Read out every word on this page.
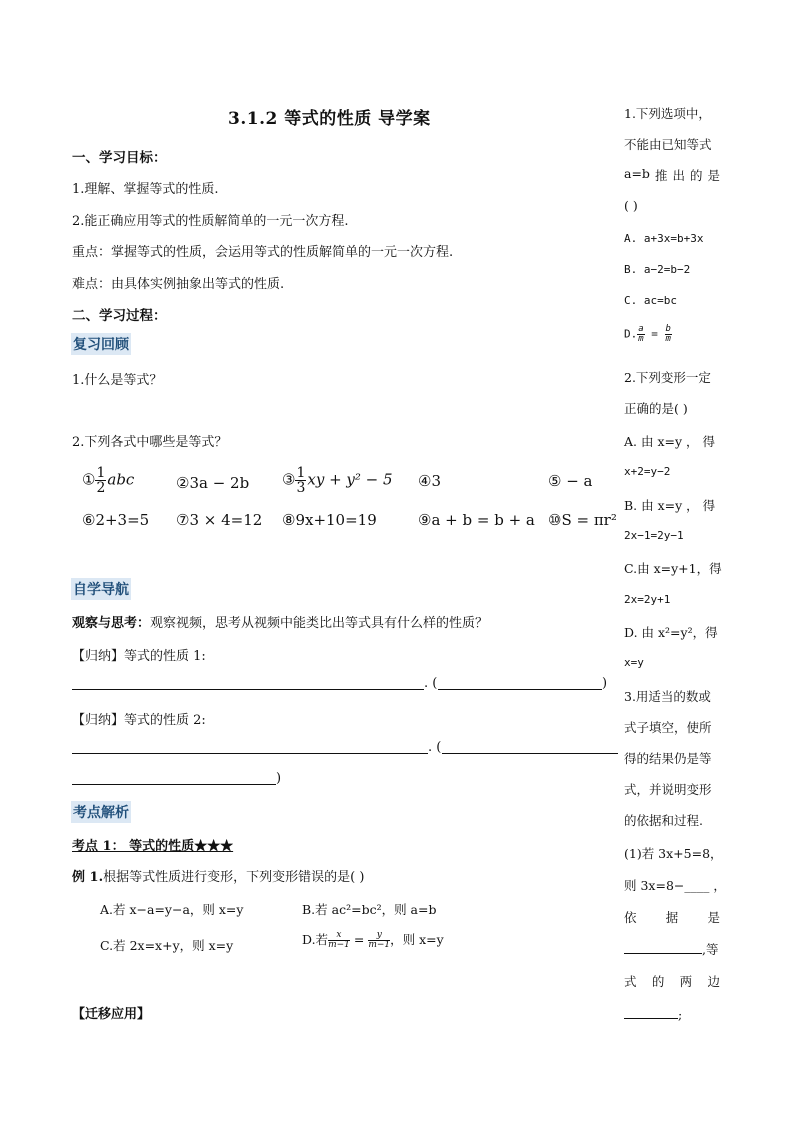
3.1.2 等式的性质 导学案
一、学习目标：
1.理解、掌握等式的性质.
2.能正确应用等式的性质解简单的一元一次方程.
重点：掌握等式的性质，会运用等式的性质解简单的一元一次方程.
难点：由具体实例抽象出等式的性质.
二、学习过程：
复习回顾
1.什么是等式？
2.下列各式中哪些是等式？
① $\frac{1}{2}$ abc	②3a − 2b ③ $\frac{1}{3}$ xy + y² − 5 ④3	⑤ − a
⑥2+3=5 ⑦3 × 4=12 ⑧9x+10=19	⑨a + b = b + a ⑩S = πr²
自学导航
观察与思考：观察视频，思考从视频中能类比出等式具有什么样的性质？
【归纳】等式的性质 1:
. (	)
【归纳】等式的性质 2:
. (
)
考点解析
考点 1： 等式的性质★★★
例 1.根据等式性质进行变形，下列变形错误的是( )
A.若 x−a=y−a，则 x=y	B.若 ac²=bc²，则 a=b
C.若 2x=x+y，则 x=y	D.若 $\frac{x}{m-1} = \frac{y}{m-1}$ ，则 x=y
【迁移应用】
1.下列选项中，
不能由已知等式
a=b 推 出 的 是
( )
A. a+3x=b+3x
B. a−2=b−2
C. ac=bc
D. $\frac{a}{m} = \frac{b}{m}$
2.下列变形一定
正确的是( )
A. 由 x=y ， 得
x+2=y−2
B. 由 x=y ， 得
2x−1=2y−1
C.由 x=y+1，得
2x=2y+1
D. 由 x²=y²，得
x=y
3.用适当的数或
式子填空，使所
得的结果仍是等
式，并说明变形
的依据和过程.
(1)若 3x+5=8，
则 3x=8−____ ，
依 据 是
,等
式 的 两 边
;
